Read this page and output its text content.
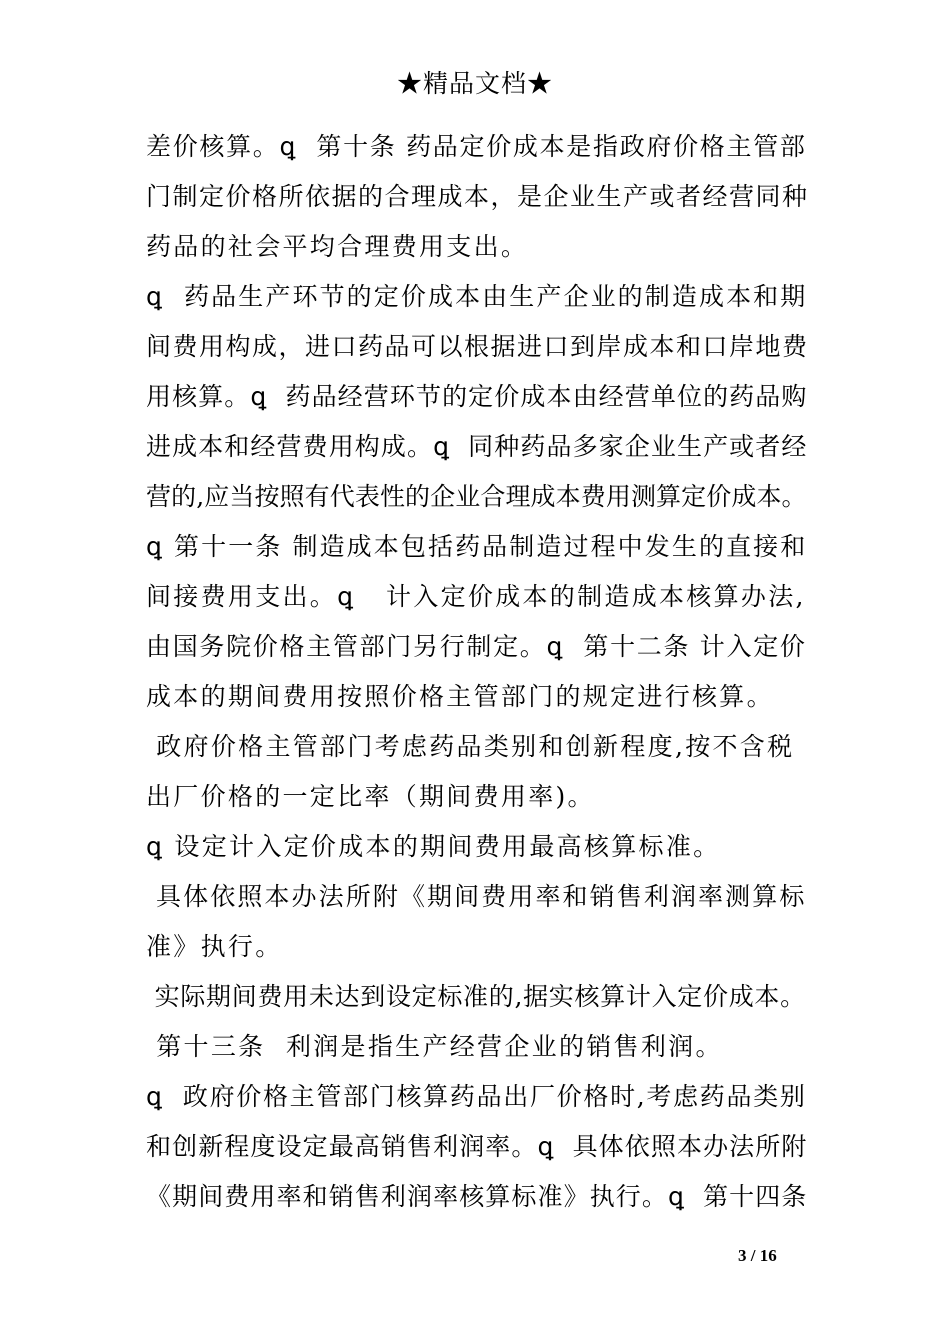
★精品文档★
差价核算。ꝗ  第十条 药品定价成本是指政府价格主管部
门制定价格所依据的合理成本，是企业生产或者经营同种
药品的社会平均合理费用支出。
ꝗ  药品生产环节的定价成本由生产企业的制造成本和期
间费用构成，进口药品可以根据进口到岸成本和口岸地费
用核算。ꝗ  药品经营环节的定价成本由经营单位的药品购
进成本和经营费用构成。ꝗ  同种药品多家企业生产或者经
营的,应当按照有代表性的企业合理成本费用测算定价成本。
ꝗ 第十一条 制造成本包括药品制造过程中发生的直接和
间接费用支出。ꝗ   计入定价成本的制造成本核算办法,
由国务院价格主管部门另行制定。ꝗ  第十二条 计入定价
成本的期间费用按照价格主管部门的规定进行核算。
政府价格主管部门考虑药品类别和创新程度,按不含税
出厂价格的一定比率（期间费用率)。
ꝗ 设定计入定价成本的期间费用最高核算标准。
具体依照本办法所附《期间费用率和销售利润率测算标
准》执行。
实际期间费用未达到设定标准的,据实核算计入定价成本。
第十三条  利润是指生产经营企业的销售利润。
ꝗ  政府价格主管部门核算药品出厂价格时,考虑药品类别
和创新程度设定最高销售利润率。ꝗ  具体依照本办法所附
《期间费用率和销售利润率核算标准》执行。ꝗ  第十四条
3 / 16
